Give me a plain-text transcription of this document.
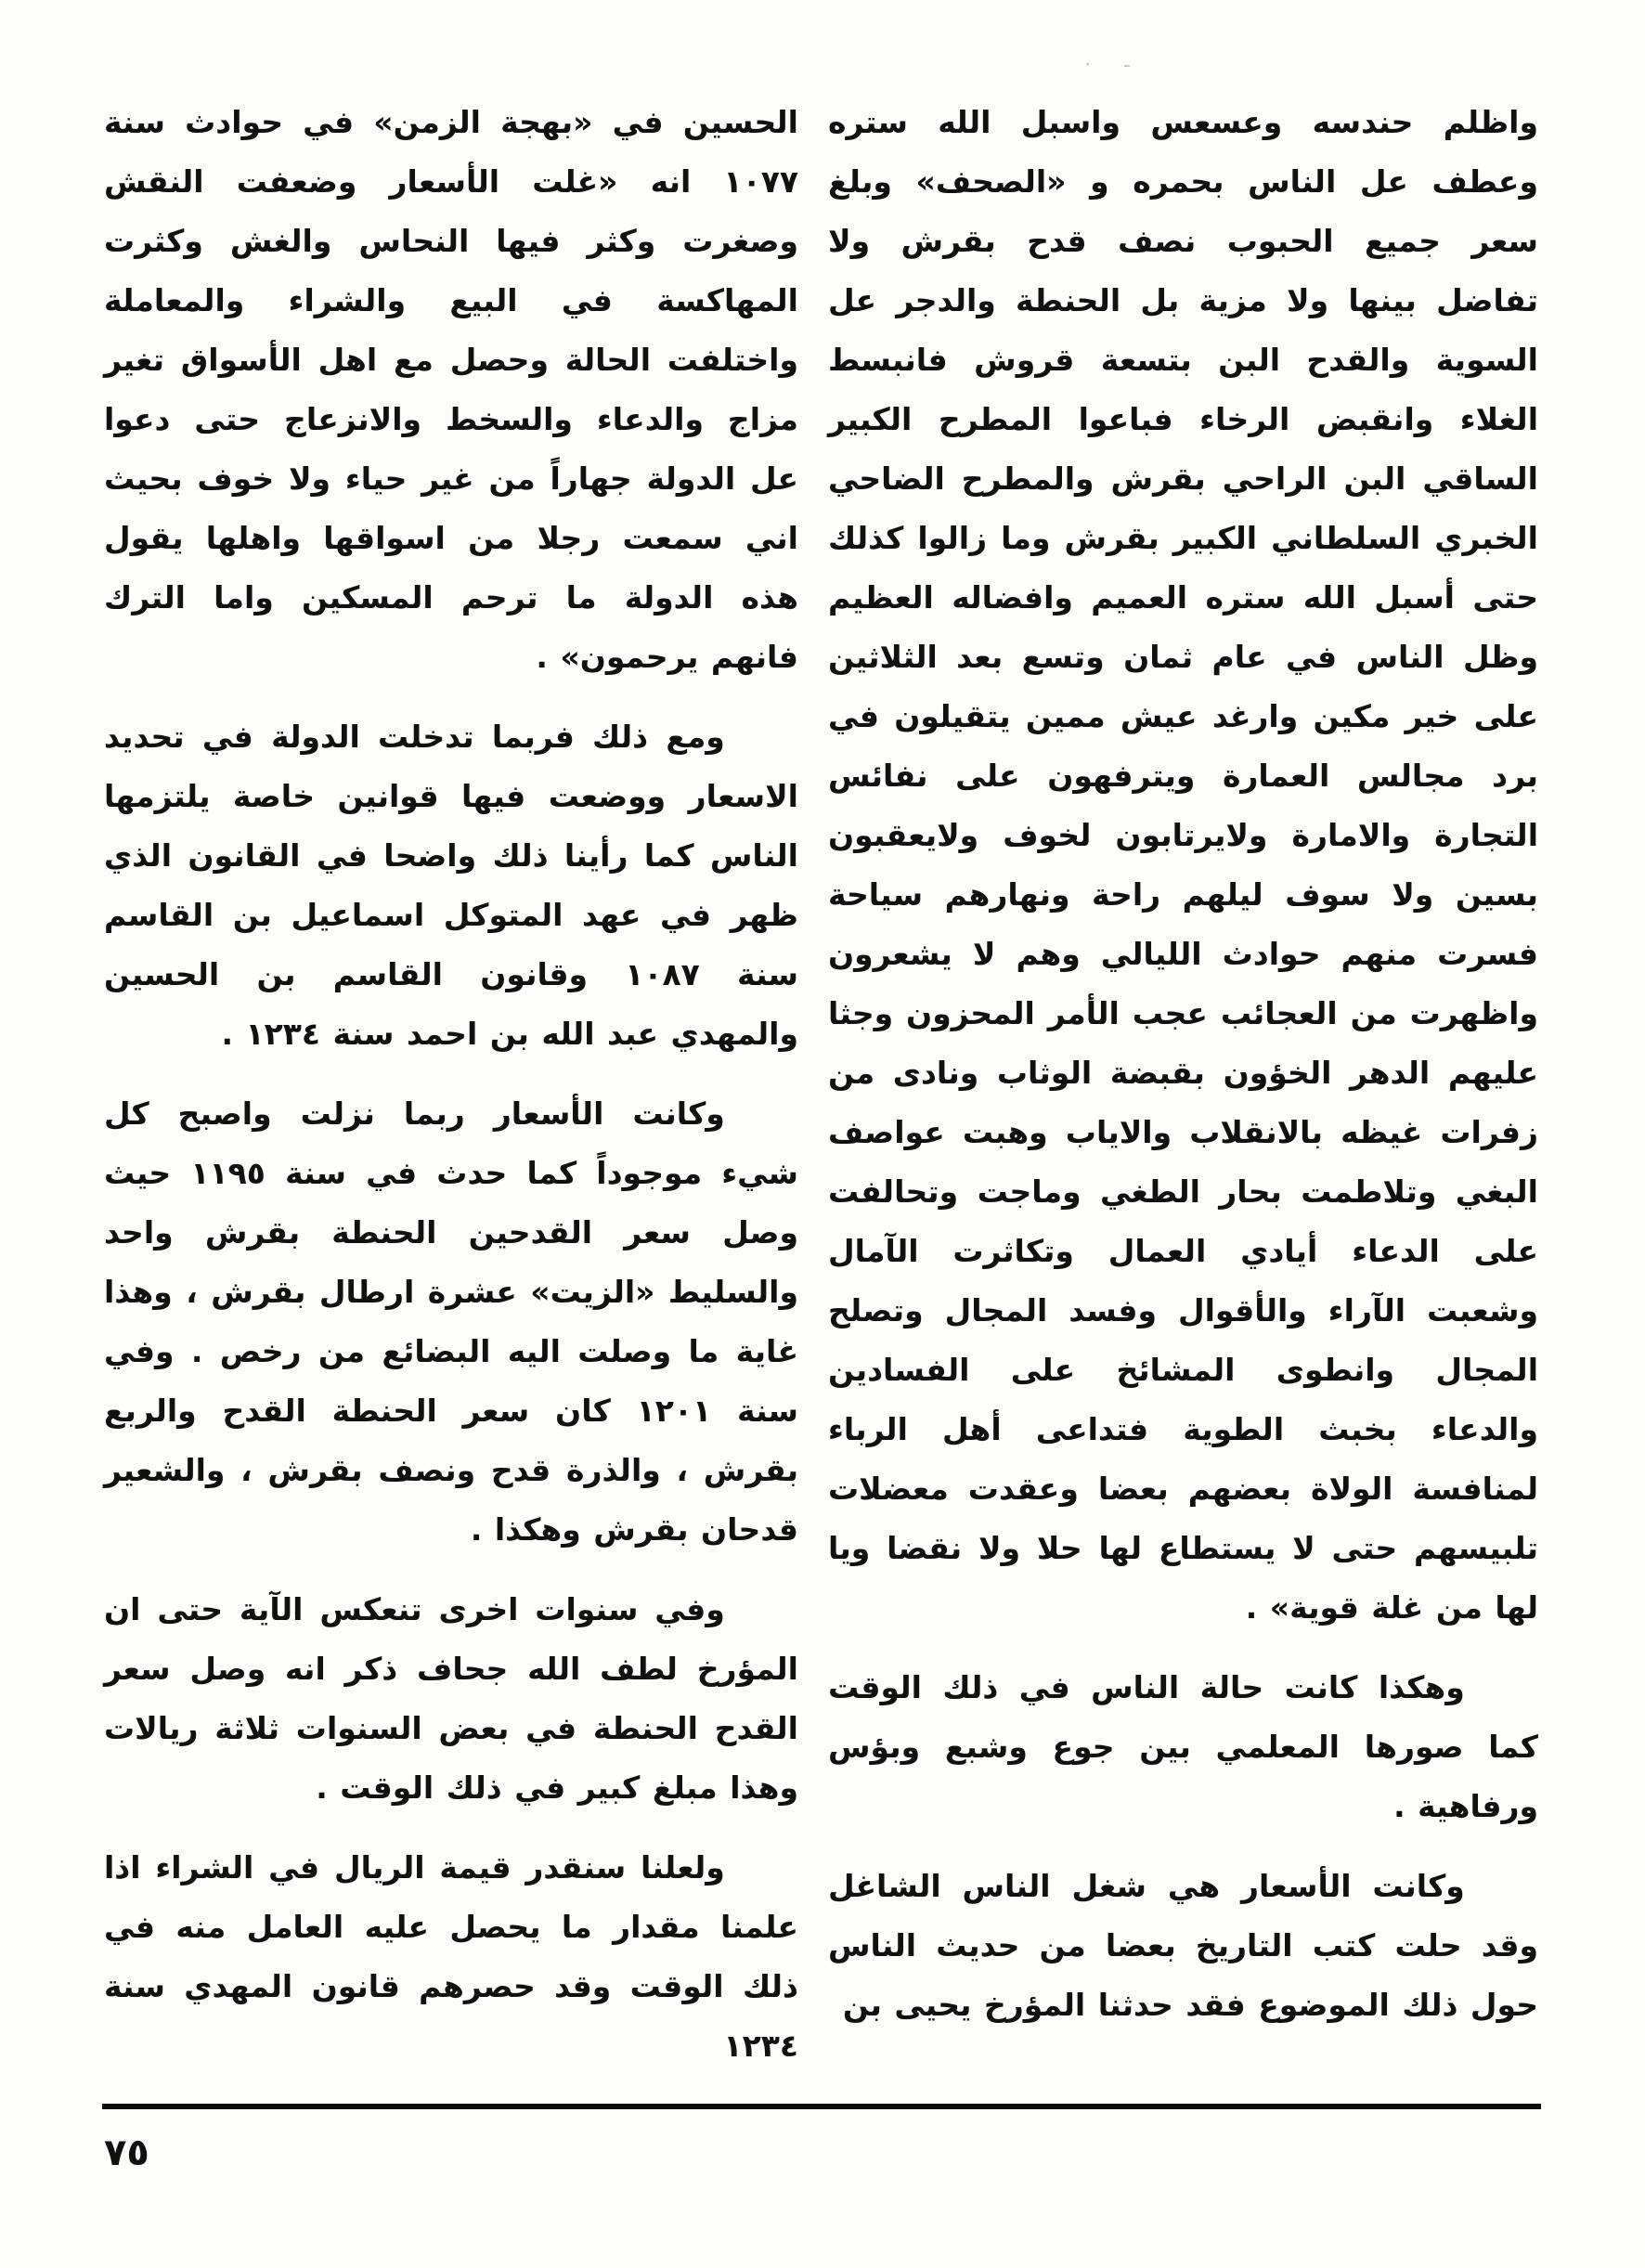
- ·

واظلم حندسه وعسعس واسبل الله ستره وعطف عل الناس بحمره و «الصحف» وبلغ سعر جميع الحبوب نصف قدح بقرش ولا تفاضل بينها ولا مزية بل الحنطة والدجر عل السوية والقدح البن بتسعة قروش فانبسط الغلاء وانقبض الرخاء فباعوا المطرح الكبير الساقي البن الراحي بقرش والمطرح الضاحي الخبري السلطاني الكبير بقرش وما زالوا كذلك حتى أسبل الله ستره العميم وافضاله العظيم وظل الناس في عام ثمان وتسع بعد الثلاثين على خير مكين وارغد عيش ممين يتقيلون في برد مجالس العمارة ويترفهون على نفائس التجارة والامارة ولايرتابون لخوف ولايعقبون بسين ولا سوف ليلهم راحة ونهارهم سياحة فسرت منهم حوادث الليالي وهم لا يشعرون واظهرت من العجائب عجب الأمر المحزون وجثا عليهم الدهر الخؤون بقبضة الوثاب ونادى من زفرات غيظه بالانقلاب والاياب وهبت عواصف البغي وتلاطمت بحار الطغي وماجت وتحالفت على الدعاء أيادي العمال وتكاثرت الآمال وشعبت الآراء والأقوال وفسد المجال وتصلح المجال وانطوى المشائخ على الفسادين والدعاء بخبث الطوية فتداعى أهل الرباء لمنافسة الولاة بعضهم بعضا وعقدت معضلات تلبيسهم حتى لا يستطاع لها حلا ولا نقضا ويا لها من غلة قوية» .

وهكذا كانت حالة الناس في ذلك الوقت كما صورها المعلمي بين جوع وشبع وبؤس ورفاهية .

وكانت الأسعار هي شغل الناس الشاغل وقد حلت كتب التاريخ بعضا من حديث الناس حول ذلك الموضوع فقد حدثنا المؤرخ يحيى بن

الحسين في «بهجة الزمن» في حوادث سنة ١٠٧٧ انه «غلت الأسعار وضعفت النقش وصغرت وكثر فيها النحاس والغش وكثرت المهاكسة في البيع والشراء والمعاملة واختلفت الحالة وحصل مع اهل الأسواق تغير مزاج والدعاء والسخط والانزعاج حتى دعوا عل الدولة جهاراً من غير حياء ولا خوف بحيث اني سمعت رجلا من اسواقها واهلها يقول هذه الدولة ما ترحم المسكين واما الترك فانهم يرحمون» .

ومع ذلك فربما تدخلت الدولة في تحديد الاسعار ووضعت فيها قوانين خاصة يلتزمها الناس كما رأينا ذلك واضحا في القانون الذي ظهر في عهد المتوكل اسماعيل بن القاسم سنة ١٠٨٧ وقانون القاسم بن الحسين والمهدي عبد الله بن احمد سنة ١٢٣٤ .

وكانت الأسعار ربما نزلت واصبح كل شيء موجوداً كما حدث في سنة ١١٩٥ حيث وصل سعر القدحين الحنطة بقرش واحد والسليط «الزيت» عشرة ارطال بقرش ، وهذا غاية ما وصلت اليه البضائع من رخص . وفي سنة ١٢٠١ كان سعر الحنطة القدح والربع بقرش ، والذرة قدح ونصف بقرش ، والشعير قدحان بقرش وهكذا .

وفي سنوات اخرى تنعكس الآية حتى ان المؤرخ لطف الله جحاف ذكر انه وصل سعر القدح الحنطة في بعض السنوات ثلاثة ريالات وهذا مبلغ كبير في ذلك الوقت .

ولعلنا سنقدر قيمة الريال في الشراء اذا علمنا مقدار ما يحصل عليه العامل منه في ذلك الوقت وقد حصرهم قانون المهدي سنة ١٢٣٤

٧٥
